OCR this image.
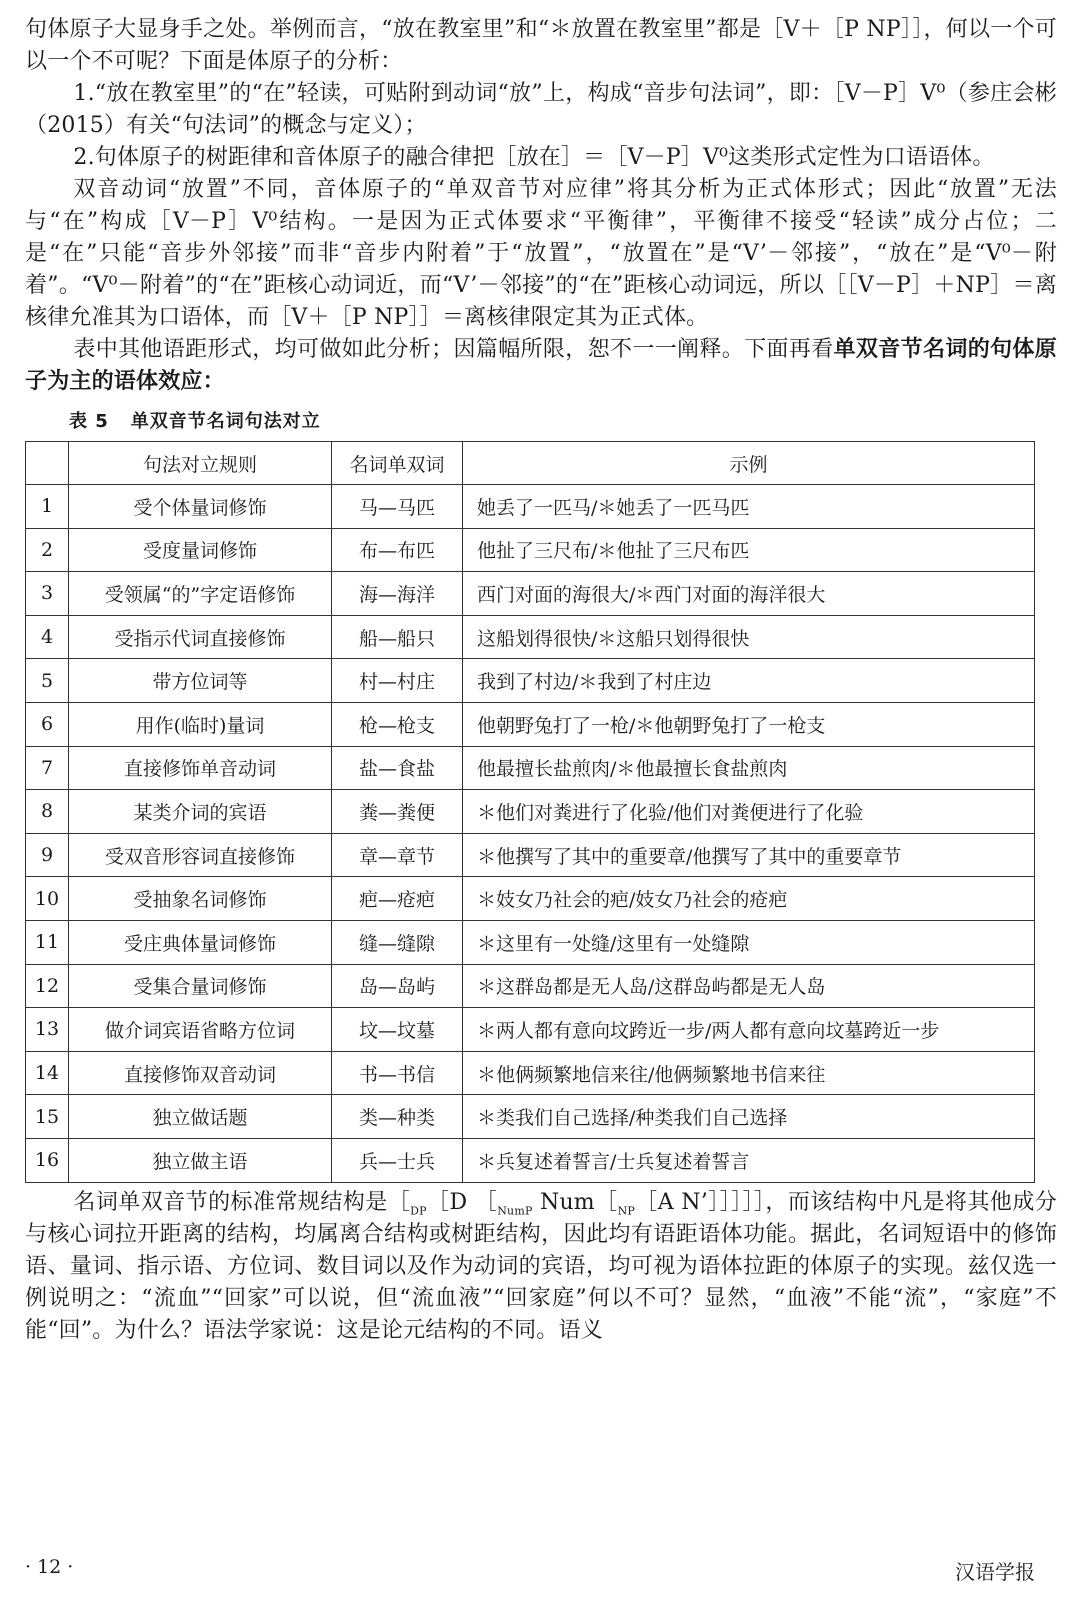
句体原子大显身手之处。举例而言，“放在教室里”和“＊放置在教室里”都是［V＋［P NP］］，何以一个可以一个不可呢？下面是体原子的分析：

1.“放在教室里”的“在”轻读，可贴附到动词“放”上，构成“音步句法词”，即：［V－P］V⁰（参庄会彬（2015）有关“句法词”的概念与定义）；

2.句体原子的树距律和音体原子的融合律把［放在］＝［V－P］V⁰这类形式定性为口语语体。

双音动词“放置”不同，音体原子的“单双音节对应律”将其分析为正式体形式；因此“放置”无法与“在”构成［V－P］V⁰结构。一是因为正式体要求“平衡律”，平衡律不接受“轻读”成分占位；二是“在”只能“音步外邻接”而非“音步内附着”于“放置”，“放置在”是“V’－邻接”，“放在”是“V⁰－附着”。“V⁰－附着”的“在”距核心动词近，而“V’－邻接”的“在”距核心动词远，所以［［V－P］＋NP］＝离核律允准其为口语体，而［V＋［P NP］］＝离核律限定其为正式体。

表中其他语距形式，均可做如此分析；因篇幅所限，恕不一一阐释。下面再看单双音节名词的句体原子为主的语体效应：

表 5 单双音节名词句法对立
	句法对立规则	名词单双词	示例
1	受个体量词修饰	马—马匹	她丢了一匹马/＊她丢了一匹马匹
2	受度量词修饰	布—布匹	他扯了三尺布/＊他扯了三尺布匹
3	受领属“的”字定语修饰	海—海洋	西门对面的海很大/＊西门对面的海洋很大
4	受指示代词直接修饰	船—船只	这船划得很快/＊这船只划得很快
5	带方位词等	村—村庄	我到了村边/＊我到了村庄边
6	用作(临时)量词	枪—枪支	他朝野兔打了一枪/＊他朝野兔打了一枪支
7	直接修饰单音动词	盐—食盐	他最擅长盐煎肉/＊他最擅长食盐煎肉
8	某类介词的宾语	粪—粪便	＊他们对粪进行了化验/他们对粪便进行了化验
9	受双音形容词直接修饰	章—章节	＊他撰写了其中的重要章/他撰写了其中的重要章节
10	受抽象名词修饰	疤—疮疤	＊妓女乃社会的疤/妓女乃社会的疮疤
11	受庄典体量词修饰	缝—缝隙	＊这里有一处缝/这里有一处缝隙
12	受集合量词修饰	岛—岛屿	＊这群岛都是无人岛/这群岛屿都是无人岛
13	做介词宾语省略方位词	坟—坟墓	＊两人都有意向坟跨近一步/两人都有意向坟墓跨近一步
14	直接修饰双音动词	书—书信	＊他俩频繁地信来往/他俩频繁地书信来往
15	独立做话题	类—种类	＊类我们自己选择/种类我们自己选择
16	独立做主语	兵—士兵	＊兵复述着誓言/士兵复述着誓言

名词单双音节的标准常规结构是$[_{DP}[D$ $[_{NumP}$ $Num[_{NP}[A$ N’］］］］］，而该结构中凡是将其他成分与核心词拉开距离的结构，均属离合结构或树距结构，因此均有语距语体功能。据此，名词短语中的修饰语、量词、指示语、方位词、数目词以及作为动词的宾语，均可视为语体拉距的体原子的实现。兹仅选一例说明之：“流血”“回家”可以说，但“流血液”“回家庭”何以不可？显然，“血液”不能“流”，“家庭”不能“回”。为什么？语法学家说：这是论元结构的不同。语义

· 12 ·	汉语学报
